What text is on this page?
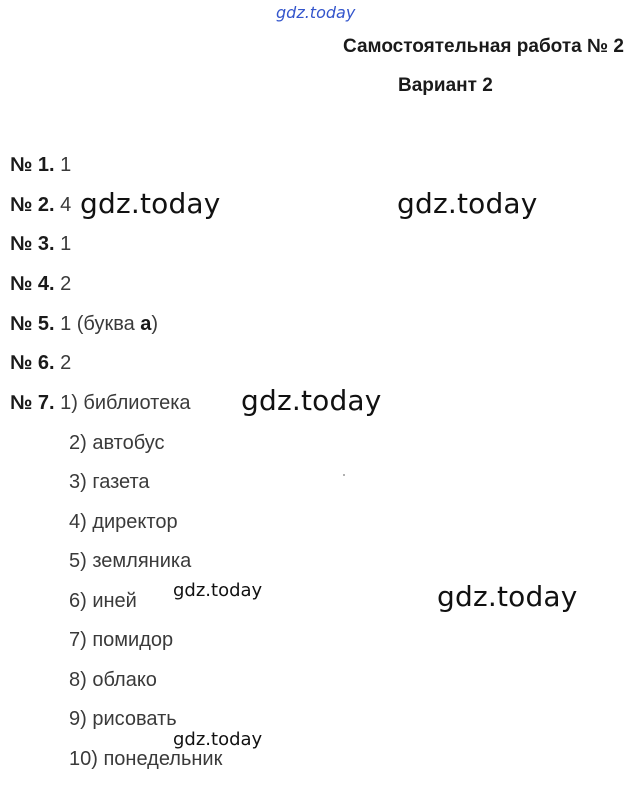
gdz.today
Самостоятельная работа № 2
Вариант 2
№ 1. 1
№ 2. 4
№ 3. 1
№ 4. 2
№ 5. 1 (буква а)
№ 6. 2
№ 7. 1) библиотека
2) автобус
3) газета
4) директор
5) земляника
6) иней
7) помидор
8) облако
9) рисовать
10) понедельник
gdz.today	gdz.today
gdz.today
gdz.today
gdz.today
gdz.today
